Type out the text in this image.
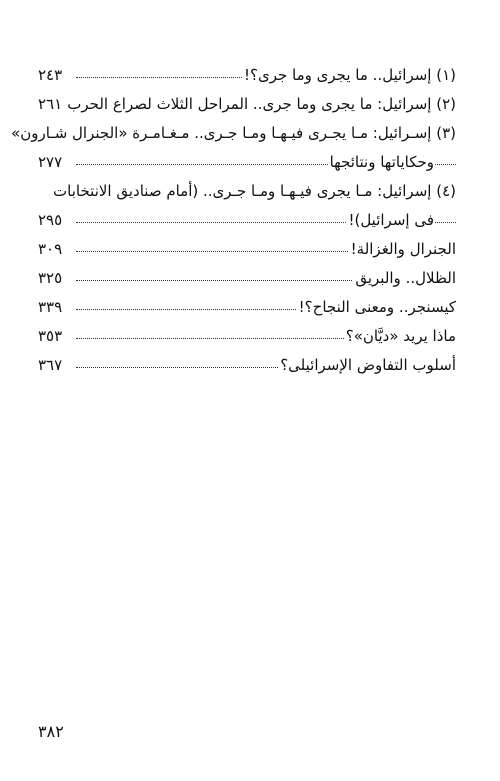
٢٤٣	(١) إسرائيل.. ما يجرى وما جرى؟!
٢٦١ (٢) إسرائيل: ما يجرى وما جرى.. المراحل الثلاث لصراع الحرب
(٣) إسـرائيل: مـا يجـرى فيـهـا ومـا جـرى.. مـغـامـرة «الجنرال شـارون»
٢٧٧	وحكاياتها ونتائجها
(٤) إسرائيل: مـا يجرى فيـهـا ومـا جـرى.. (أمام صناديق الانتخابات
٢٩٥	فى إسرائيل)!
٣٠٩	الجنرال والغزالة!
٣٢٥	الظلال.. والبريق
٣٣٩	كيسنجر.. ومعنى النجاح؟!
٣٥٣	ماذا يريد «ديَّان»؟
٣٦٧	أسلوب التفاوض الإسرائيلى؟
٣٨٢
